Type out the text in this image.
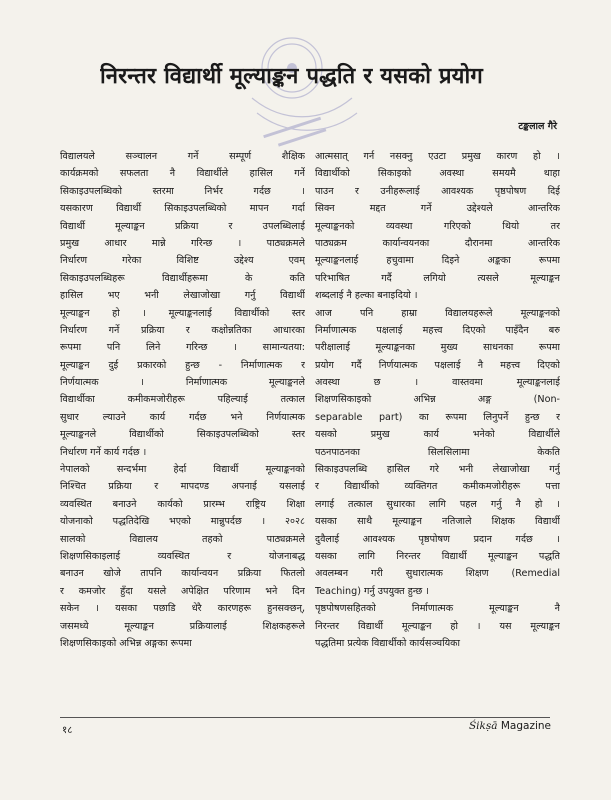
निरन्तर विद्यार्थी मूल्याङ्कन पद्धति र यसको प्रयोग
टङ्कलाल गैरे
विद्यालयले सञ्चालन गर्ने सम्पूर्ण शैक्षिक
कार्यक्रमको सफलता नै विद्यार्थीले हासिल गर्ने
सिकाइउपलब्धिको स्तरमा निर्भर गर्दछ ।
यसकारण विद्यार्थी सिकाइउपलब्धिको मापन गर्दा
विद्यार्थी मूल्याङ्कन प्रक्रिया र उपलब्धिलाई
प्रमुख आधार मान्ने गरिन्छ । पाठ्यक्रमले
निर्धारण गरेका विशिष्ट उद्देश्य एवम्
सिकाइउपलब्धिहरू विद्यार्थीहरूमा के कति
हासिल भए भनी लेखाजोखा गर्नु विद्यार्थी
मूल्याङ्कन हो । मूल्याङ्कनलाई विद्यार्थीको स्तर
निर्धारण गर्ने प्रक्रिया र कक्षोन्नतिका आधारका
रूपमा पनि लिने गरिन्छ । सामान्यतया:
मूल्याङ्कन दुई प्रकारको हुन्छ - निर्माणात्मक र
निर्णयात्मक । निर्माणात्मक मूल्याङ्कनले
विद्यार्थीका कमीकमजोरीहरू पहिल्याई तत्काल
सुधार ल्याउने कार्य गर्दछ भने निर्णयात्मक
मूल्याङ्कनले विद्यार्थीको सिकाइउपलब्धिको स्तर
निर्धारण गर्ने कार्य गर्दछ ।
नेपालको सन्दर्भमा हेर्दा विद्यार्थी मूल्याङ्कनको
निश्चित प्रक्रिया र मापदण्ड अपनाई यसलाई
व्यवस्थित बनाउने कार्यको प्रारम्भ राष्ट्रिय शिक्षा
योजनाको पद्धतिदेखि भएको मान्नुपर्दछ । २०२८
सालको विद्यालय तहको पाठ्यक्रमले
शिक्षणसिकाइलाई व्यवस्थित र योजनाबद्ध
बनाउन खोजे तापनि कार्यान्वयन प्रक्रिया फितलो
र कमजोर हुँदा यसले अपेक्षित परिणाम भने दिन
सकेन । यसका पछाडि धेरै कारणहरू हुनसक्छन्,
जसमध्ये मूल्याङ्कन प्रक्रियालाई शिक्षकहरूले
शिक्षणसिकाइको अभिन्न अङ्गका रूपमा
आत्मसात् गर्न नसक्नु एउटा प्रमुख कारण हो ।
विद्यार्थीको सिकाइको अवस्था समयमै थाहा
पाउन र उनीहरूलाई आवश्यक पृष्ठपोषण दिई
सिक्न मद्दत गर्ने उद्देश्यले आन्तरिक
मूल्याङ्कनको व्यवस्था गरिएको थियो तर
पाठ्यक्रम कार्यान्वयनका दौरानमा आन्तरिक
मूल्याङ्कनलाई हचुवामा दिइने अङ्कका रूपमा
परिभाषित गर्दै लगियो त्यसले मूल्याङ्कन
शब्दलाई नै हल्का बनाइदियो ।
आज पनि हाम्रा विद्यालयहरूले मूल्याङ्कनको
निर्माणात्मक पक्षलाई महत्त्व दिएको पाइँदैन बरु
परीक्षालाई मूल्याङ्कनका मुख्य साधनका रूपमा
प्रयोग गर्दै निर्णयात्मक पक्षलाई नै महत्त्व दिएको
अवस्था छ । वास्तवमा मूल्याङ्कनलाई
शिक्षणसिकाइको अभिन्न अङ्ग (Non-
separable part) का रूपमा लिनुपर्ने हुन्छ र
यसको प्रमुख कार्य भनेको विद्यार्थीले
पठनपाठनका सिलसिलामा केकति
सिकाइउपलब्धि हासिल गरे भनी लेखाजोखा गर्नु
र विद्यार्थीको व्यक्तिगत कमीकमजोरीहरू पत्ता
लगाई तत्काल सुधारका लागि पहल गर्नु नै हो ।
यसका साथै मूल्याङ्कन नतिजाले शिक्षक विद्यार्थी
दुवैलाई आवश्यक पृष्ठपोषण प्रदान गर्दछ ।
यसका लागि निरन्तर विद्यार्थी मूल्याङ्कन पद्धति
अवलम्बन गरी सुधारात्मक शिक्षण (Remedial
Teaching) गर्नु उपयुक्त हुन्छ ।
पृष्ठपोषणसहितको निर्माणात्मक मूल्याङ्कन नै
निरन्तर विद्यार्थी मूल्याङ्कन हो । यस मूल्याङ्कन
पद्धतिमा प्रत्येक विद्यार्थीको कार्यसञ्चयिका
१८	Śikṣā Magazine
